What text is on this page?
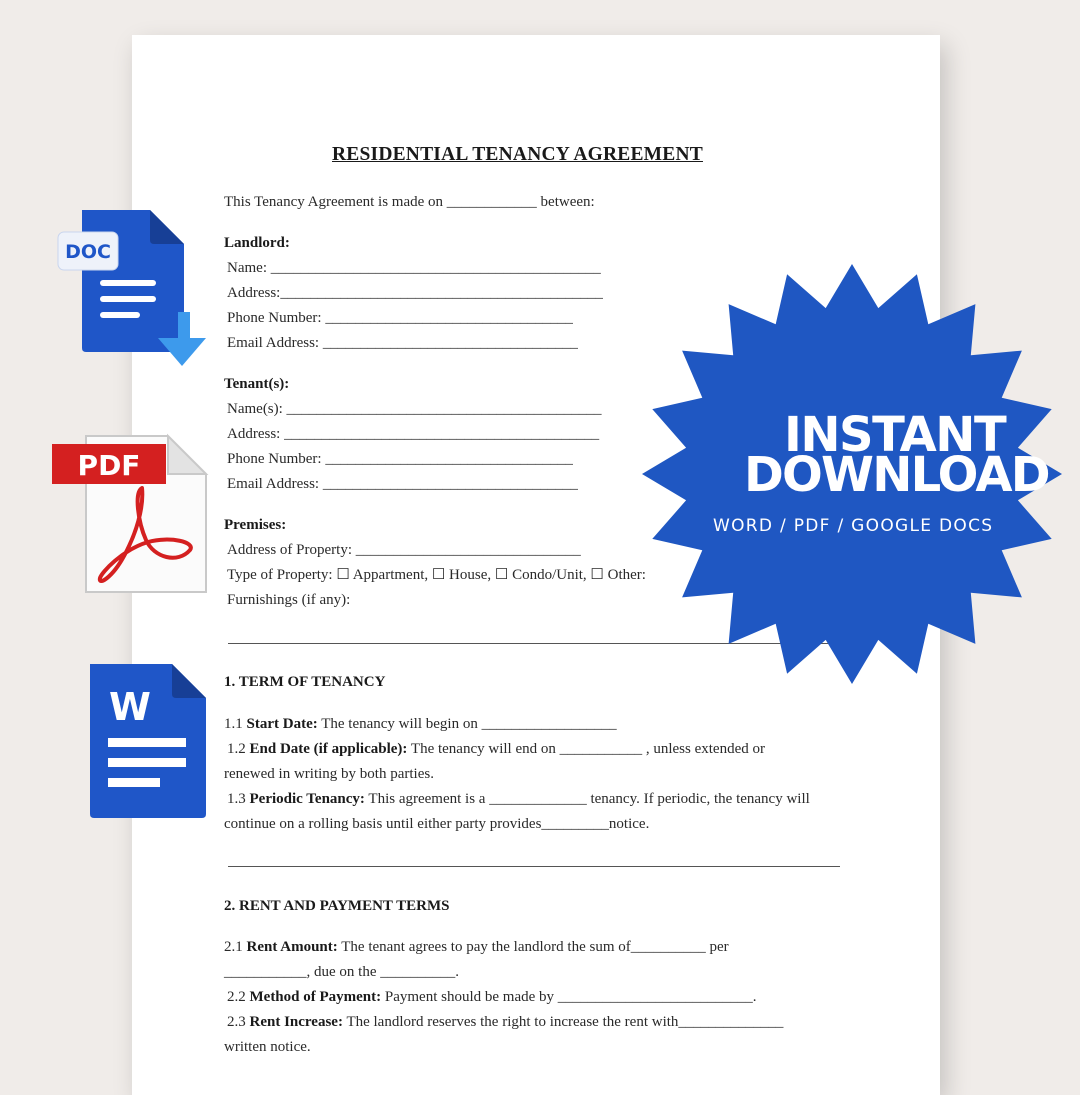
RESIDENTIAL TENANCY AGREEMENT
This Tenancy Agreement is made on ____________ between:
Landlord:
Name: ____________________________________________
Address:___________________________________________
Phone Number: _________________________________
Email Address: __________________________________
Tenant(s):
Name(s): __________________________________________
Address: __________________________________________
Phone Number: _________________________________
Email Address: __________________________________
Premises:
Address of Property: ______________________________
Type of Property: ☐ Appartment, ☐ House, ☐ Condo/Unit, ☐ Other:
Furnishings (if any):
1. TERM OF TENANCY
1.1 Start Date: The tenancy will begin on __________________
1.2 End Date (if applicable): The tenancy will end on ___________ , unless extended or
renewed in writing by both parties.
1.3 Periodic Tenancy: This agreement is a _____________ tenancy. If periodic, the tenancy will
continue on a rolling basis until either party provides_________notice.
2. RENT AND PAYMENT TERMS
2.1 Rent Amount: The tenant agrees to pay the landlord the sum of__________ per
___________, due on the __________.
2.2 Method of Payment: Payment should be made by __________________________.
2.3 Rent Increase: The landlord reserves the right to increase the rent with______________
written notice.
DOC
PDF
W
INSTANT
DOWNLOAD
WORD / PDF / GOOGLE DOCS
